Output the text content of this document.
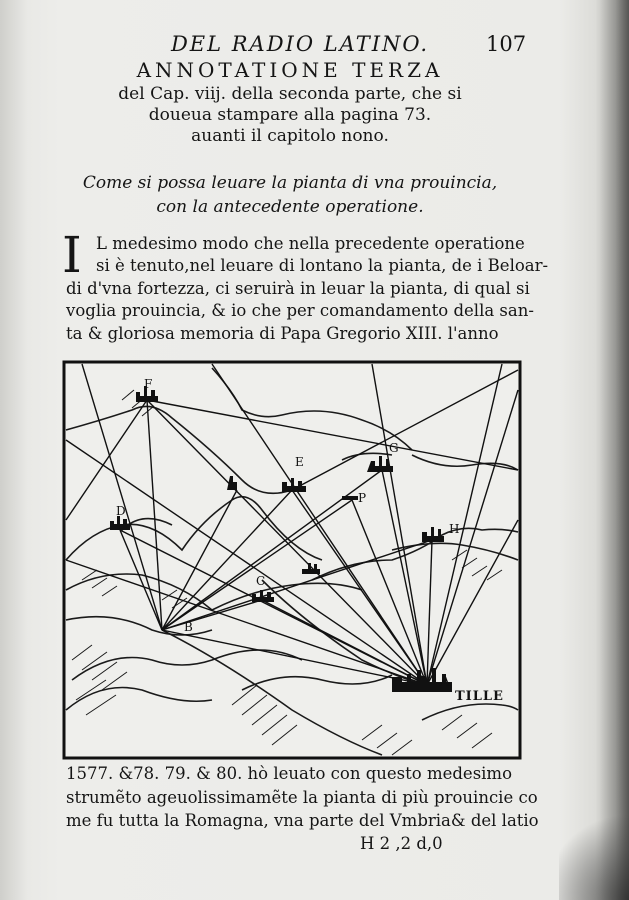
DEL RADIO LATINO.	107
ANNOTATIONE TERZA
del Cap. viij. della seconda parte, che si
doueua stampare alla pagina 73.
auanti il capitolo nono.
Come si possa leuare la pianta di vna prouincia,
con la antecedente operatione.
I L medesimo modo che nella precedente operatione
si è tenuto,nel leuare di lontano la pianta, de i Beloar-
di d'vna fortezza, ci seruirà in leuar la pianta, di qual si
voglia prouincia, & io che per comandamento della san-
ta & gloriosa memoria di Papa Gregorio XIII. l'anno
F
D
E
G
P
H
C
B
A
TILLE
1577. &78. 79. & 80. hò leuato con questo medesimo
strumẽto ageuolissimamẽte la pianta di più prouincie co
me fu tutta la Romagna, vna parte del Vmbria& del latio
H 2 ,2 d,0
